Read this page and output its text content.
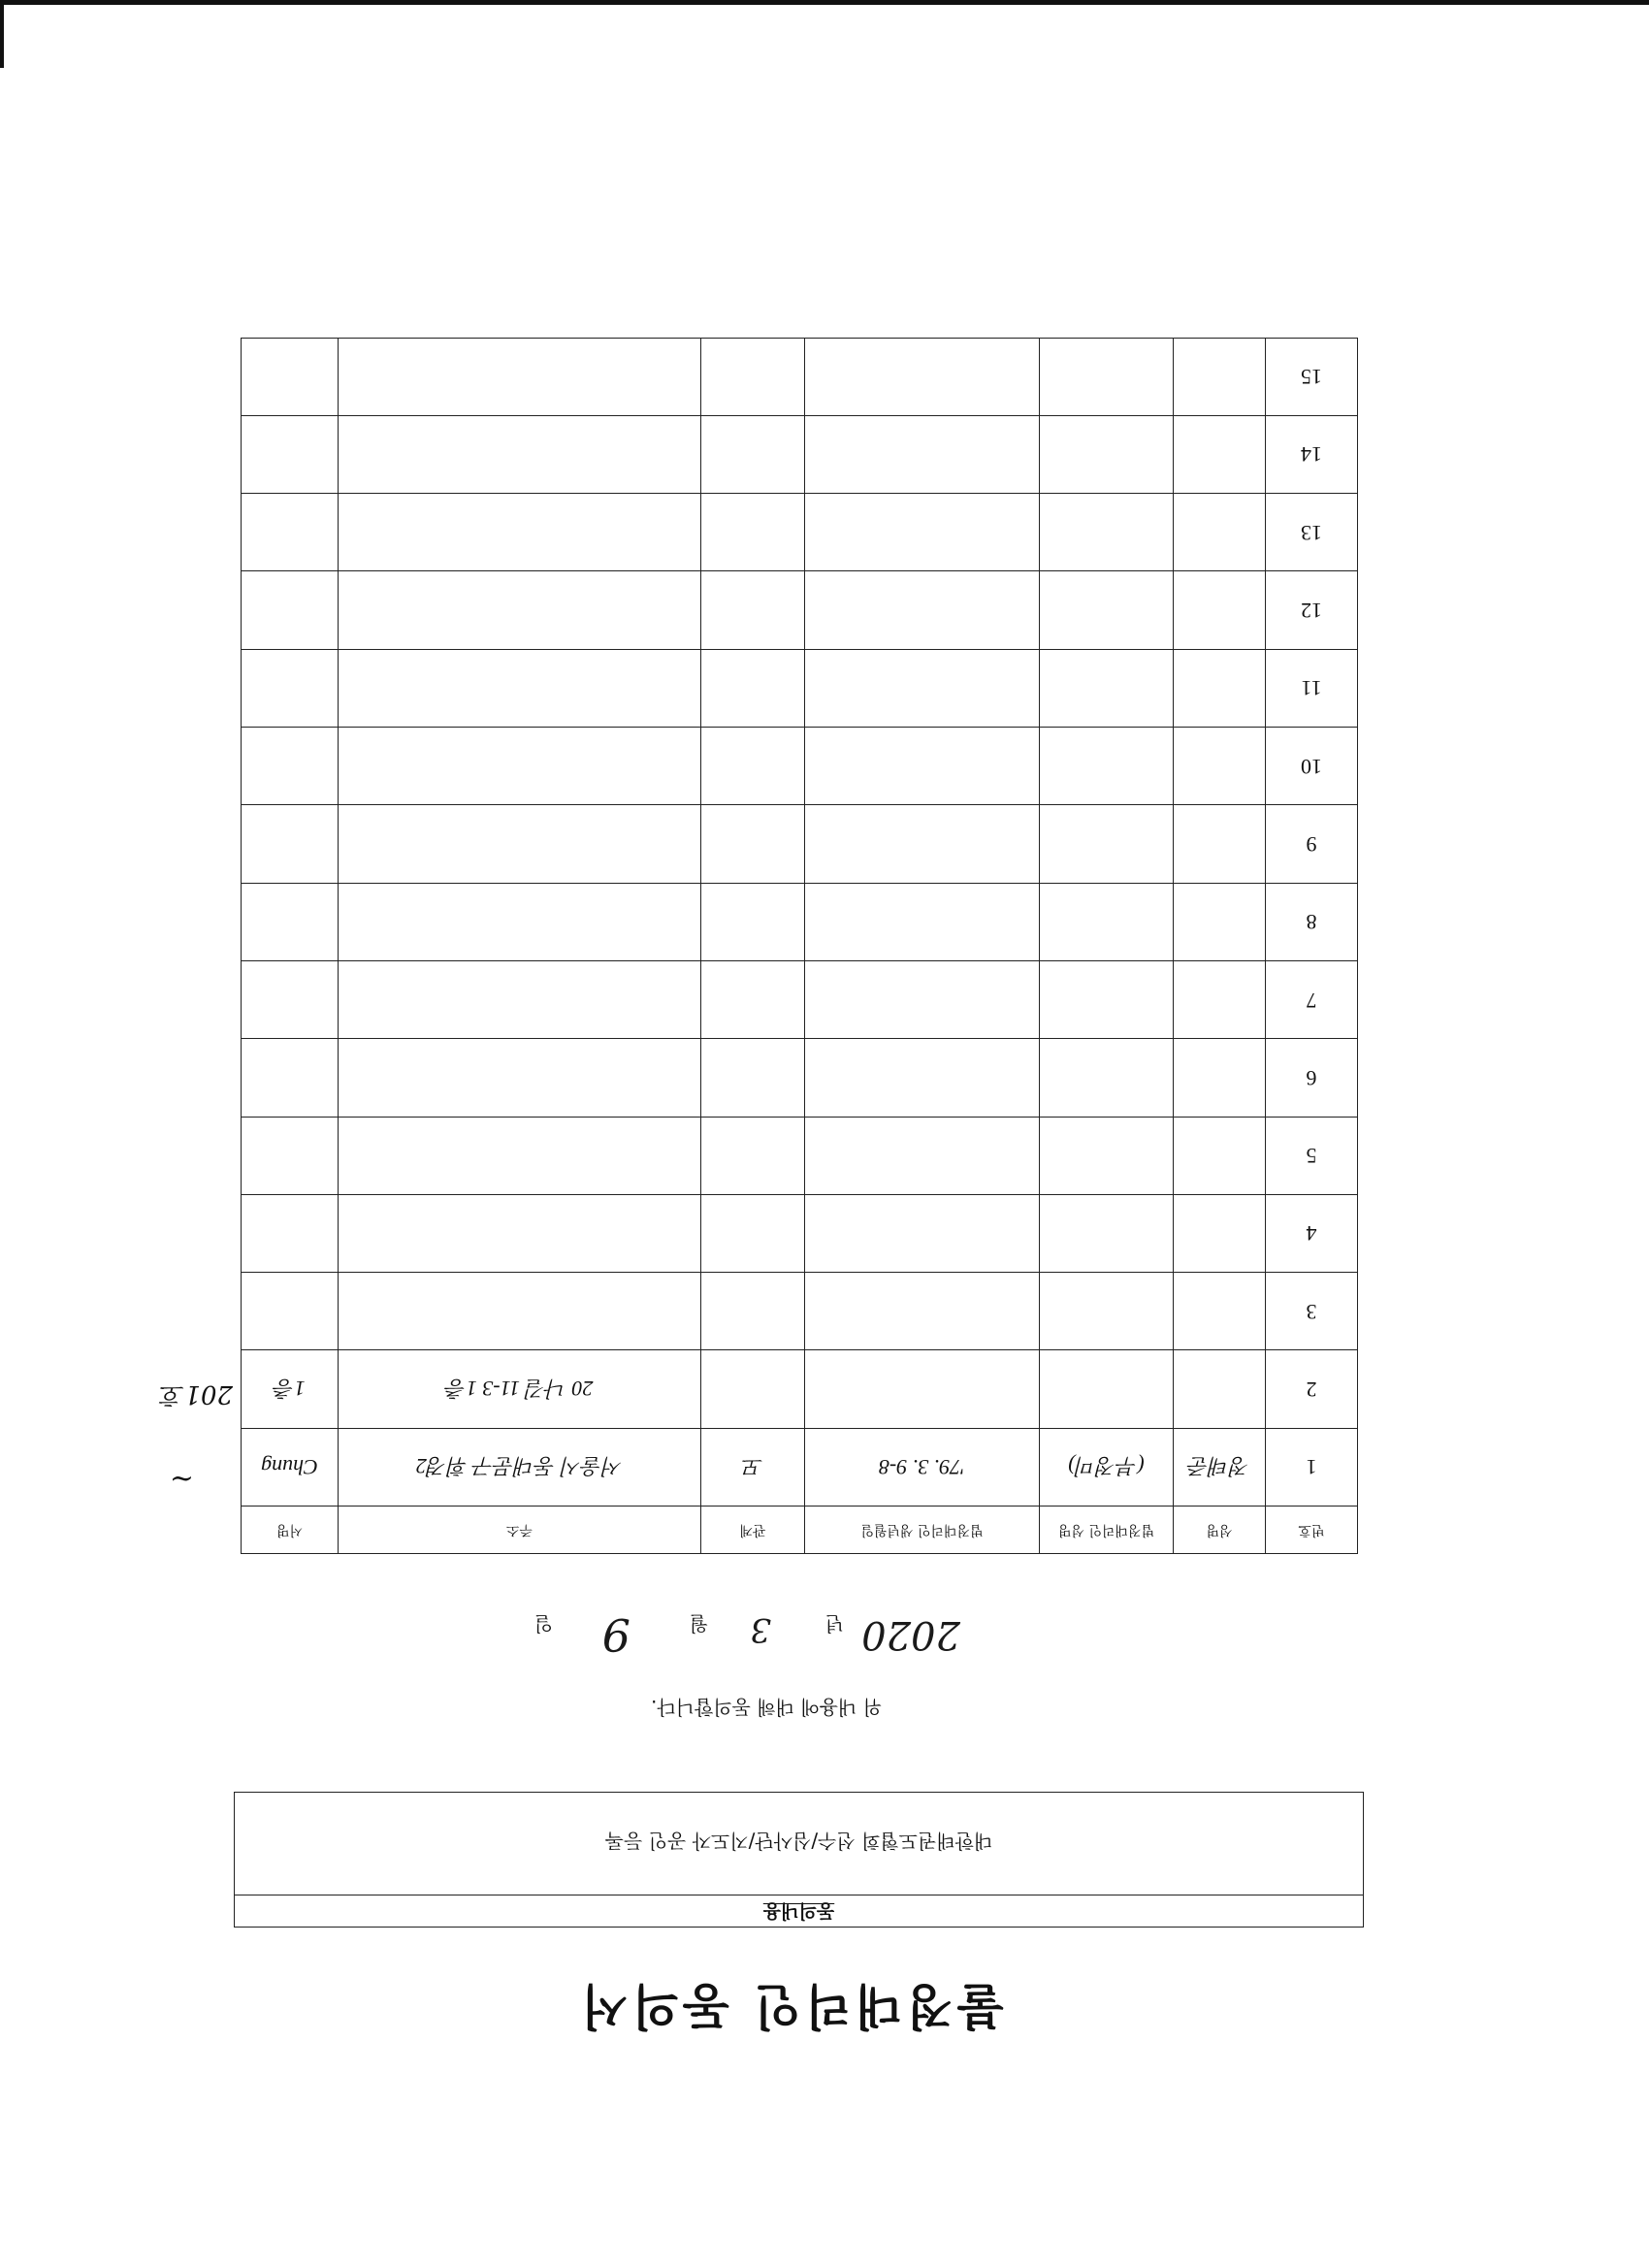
불정대리인 동의서
동의내용
대한태권도협회 선수/심사단/지도자 공인 등록
위 내용에 대해 동의합니다.
2020
년
3
월
9
일
번호	성명	법정대리인 성명	법정대리인 생년월일	관계	주소	서명
1	정태준	(부정미)	'79. 3. 9-8	모	서울시 동대문구 휘경2	Chung
2					20 나길 11-3 1층	1층
3						
4						
5						
6						
7						
8						
9						
10						
11						
12						
13						
14						
15						
~
201호
